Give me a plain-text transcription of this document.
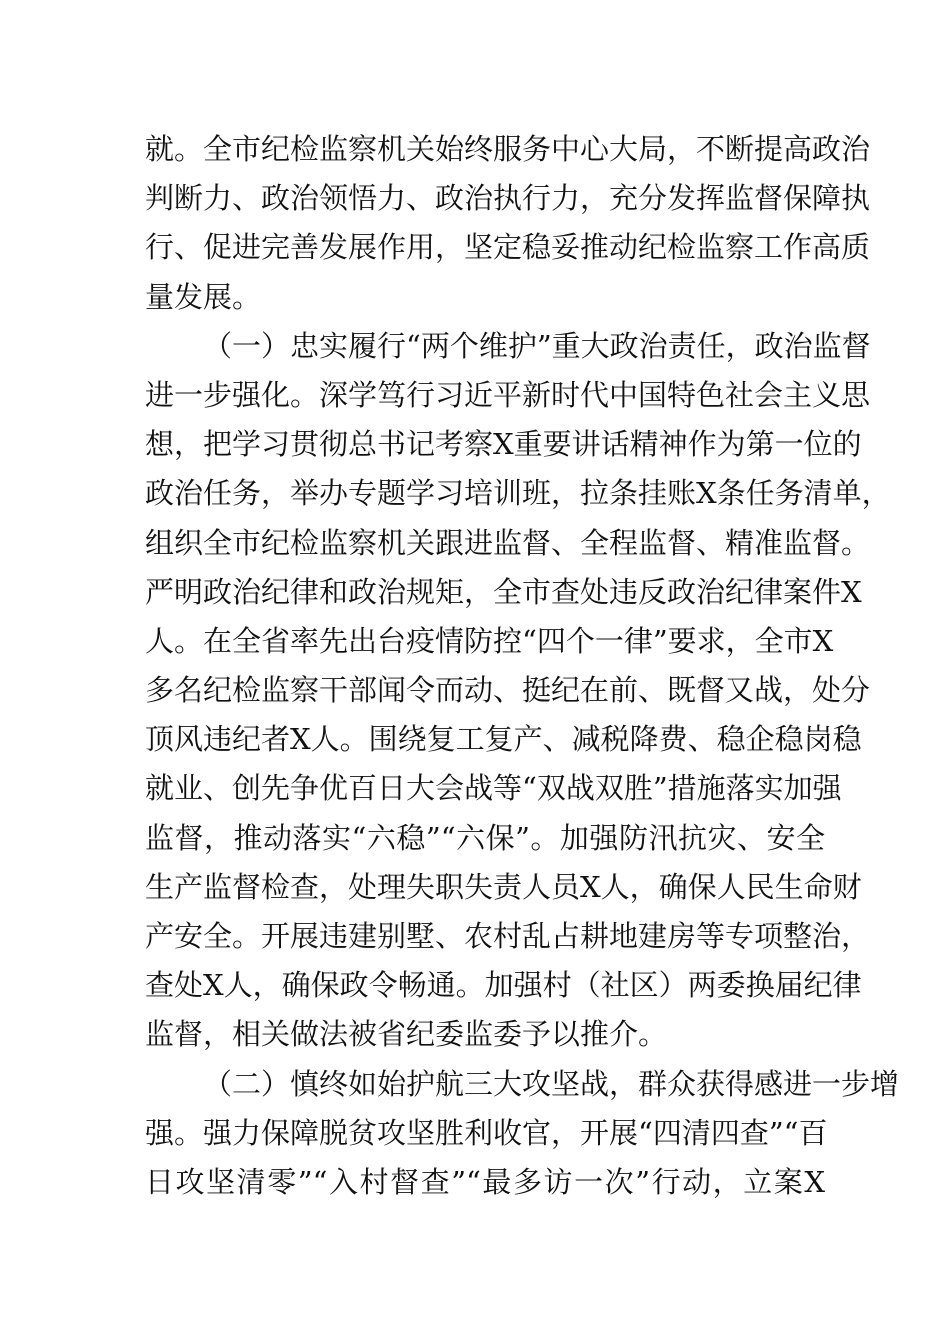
就。全市纪检监察机关始终服务中心大局，不断提高政治
判断力、政治领悟力、政治执行力，充分发挥监督保障执
行、促进完善发展作用，坚定稳妥推动纪检监察工作高质
量发展。
（一）忠实履行“两个维护”重大政治责任，政治监督
进一步强化。深学笃行习近平新时代中国特色社会主义思
想，把学习贯彻总书记考察X重要讲话精神作为第一位的
政治任务，举办专题学习培训班，拉条挂账X条任务清单，
组织全市纪检监察机关跟进监督、全程监督、精准监督。
严明政治纪律和政治规矩，全市查处违反政治纪律案件X
人。在全省率先出台疫情防控“四个一律”要求，全市X
多名纪检监察干部闻令而动、挺纪在前、既督又战，处分
顶风违纪者X人。围绕复工复产、减税降费、稳企稳岗稳
就业、创先争优百日大会战等“双战双胜”措施落实加强
监督，推动落实“六稳”“六保”。加强防汛抗灾、安全
生产监督检查，处理失职失责人员X人，确保人民生命财
产安全。开展违建别墅、农村乱占耕地建房等专项整治，
查处X人，确保政令畅通。加强村（社区）两委换届纪律
监督，相关做法被省纪委监委予以推介。
（二）慎终如始护航三大攻坚战，群众获得感进一步增
强。强力保障脱贫攻坚胜利收官，开展“四清四查”“百
日攻坚清零”“入村督查”“最多访一次”行动，立案X
